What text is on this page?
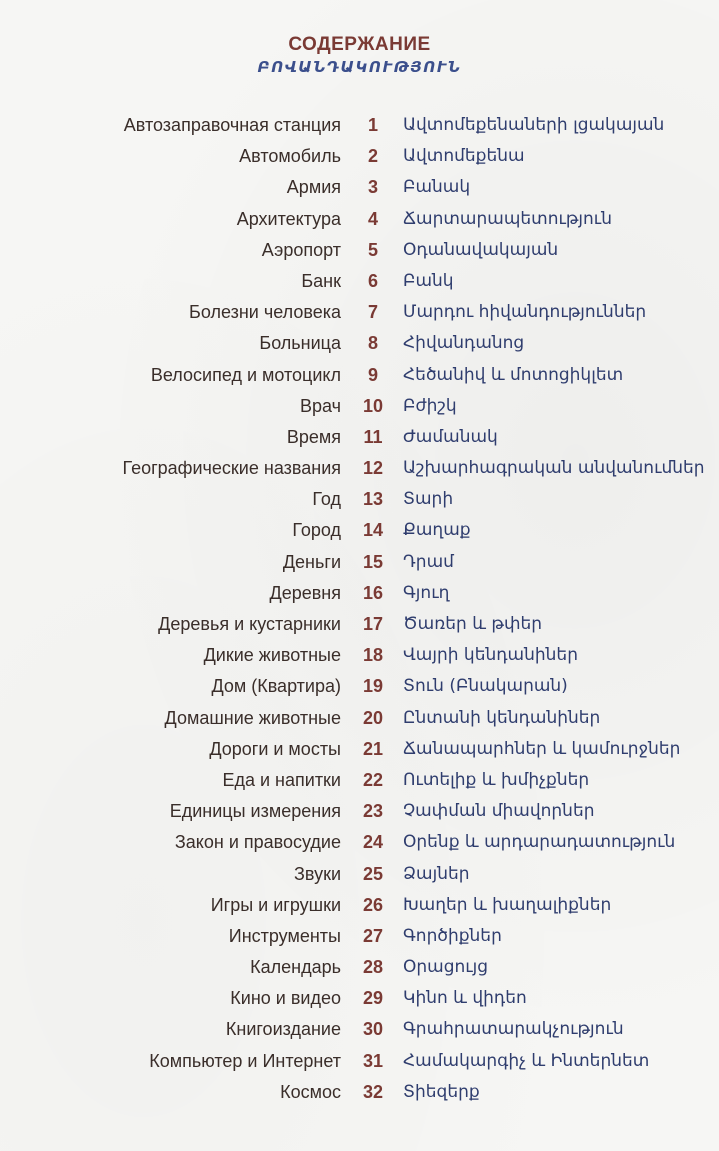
СОДЕРЖАНИЕ
ԲՈՎԱՆԴԱԿՈՒԹՅՈՒՆ
Автозаправочная станция	1	Ավտոմեքենաների լցակայան
Автомобиль	2	Ավտոմեքենա
Армия	3	Բանակ
Архитектура	4	Ճարտարապետություն
Аэропорт	5	Օդանավակայան
Банк	6	Բանկ
Болезни человека	7	Մարդու հիվանդություններ
Больница	8	Հիվանդանոց
Велосипед и мотоцикл	9	Հեծանիվ և մոտոցիկլետ
Врач	10	Բժիշկ
Время	11	Ժամանակ
Географические названия	12	Աշխարհագրական անվանումներ
Год	13	Տարի
Город	14	Քաղաք
Деньги	15	Դրամ
Деревня	16	Գյուղ
Деревья и кустарники	17	Ծառեր և թփեր
Дикие животные	18	Վայրի կենդանիներ
Дом (Квартира)	19	Տուն (Բնակարան)
Домашние животные	20	Ընտանի կենդանիներ
Дороги и мосты	21	Ճանապարհներ և կամուրջներ
Еда и напитки	22	Ուտելիք և խմիչքներ
Единицы измерения	23	Չափման միավորներ
Закон и правосудие	24	Օրենք և արդարադատություն
Звуки	25	Ձայներ
Игры и игрушки	26	Խաղեր և խաղալիքներ
Инструменты	27	Գործիքներ
Календарь	28	Օրացույց
Кино и видео	29	Կինո և վիդեո
Книгоиздание	30	Գրահրատարակչություն
Компьютер и Интернет	31	Համակարգիչ և Ինտերնետ
Космос	32	Տիեզերք
